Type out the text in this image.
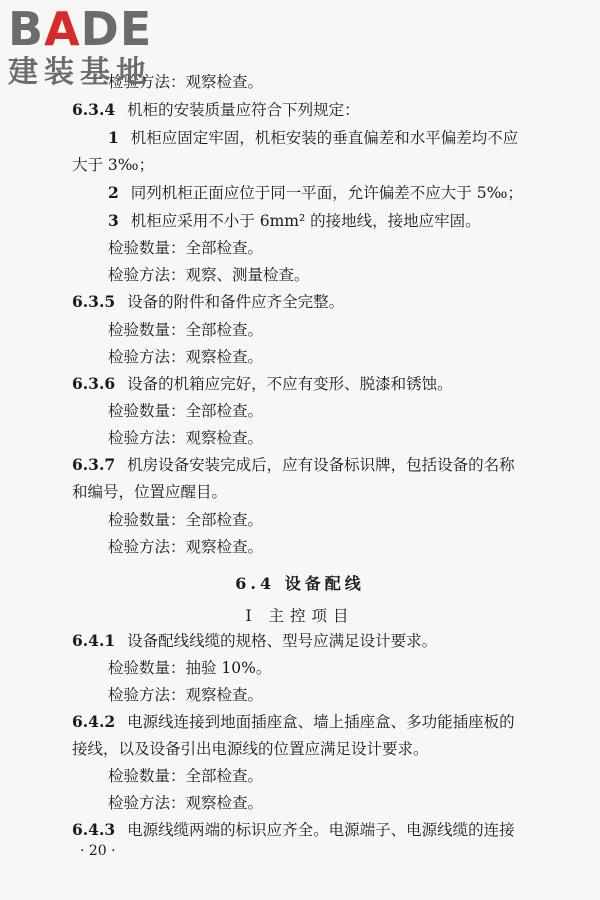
BADE
建装基地
检验方法：观察检查。
6.3.4 机柜的安装质量应符合下列规定：
1 机柜应固定牢固，机柜安装的垂直偏差和水平偏差均不应
大于 3‰；
2 同列机柜正面应位于同一平面，允许偏差不应大于 5‰；
3 机柜应采用不小于 6mm² 的接地线，接地应牢固。
检验数量：全部检查。
检验方法：观察、测量检查。
6.3.5 设备的附件和备件应齐全完整。
检验数量：全部检查。
检验方法：观察检查。
6.3.6 设备的机箱应完好，不应有变形、脱漆和锈蚀。
检验数量：全部检查。
检验方法：观察检查。
6.3.7 机房设备安装完成后，应有设备标识牌，包括设备的名称
和编号，位置应醒目。
检验数量：全部检查。
检验方法：观察检查。
6.4 设备配线
Ⅰ 主控项目
6.4.1 设备配线线缆的规格、型号应满足设计要求。
检验数量：抽验 10%。
检验方法：观察检查。
6.4.2 电源线连接到地面插座盒、墙上插座盒、多功能插座板的
接线，以及设备引出电源线的位置应满足设计要求。
检验数量：全部检查。
检验方法：观察检查。
6.4.3 电源线缆两端的标识应齐全。电源端子、电源线缆的连接
· 20 ·
